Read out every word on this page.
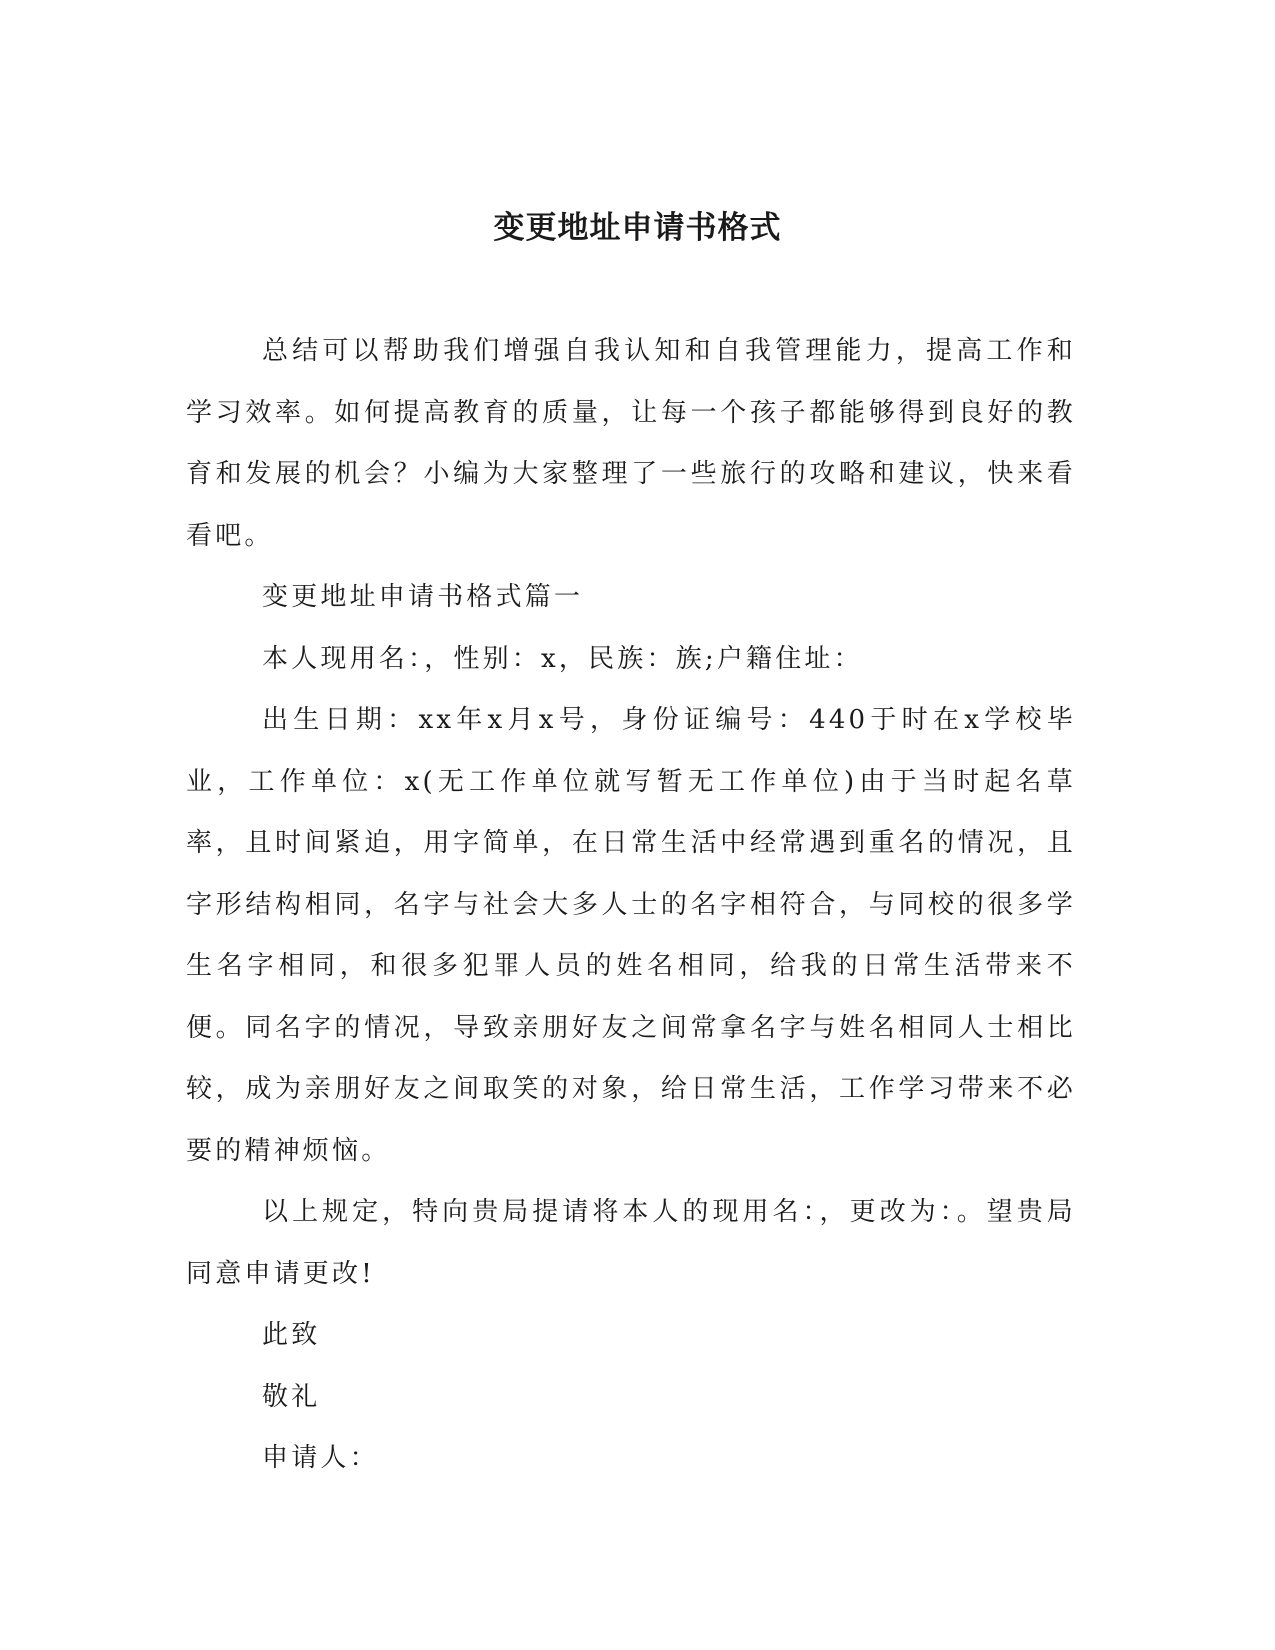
变更地址申请书格式

总结可以帮助我们增强自我认知和自我管理能力，提高工作和学习效率。如何提高教育的质量，让每一个孩子都能够得到良好的教育和发展的机会？小编为大家整理了一些旅行的攻略和建议，快来看看吧。

变更地址申请书格式篇一

本人现用名：，性别：x，民族：族;户籍住址：

出生日期：xx年x月x号，身份证编号：440于时在x学校毕业，工作单位：x(无工作单位就写暂无工作单位)由于当时起名草率，且时间紧迫，用字简单，在日常生活中经常遇到重名的情况，且字形结构相同，名字与社会大多人士的名字相符合，与同校的很多学生名字相同，和很多犯罪人员的姓名相同，给我的日常生活带来不便。同名字的情况，导致亲朋好友之间常拿名字与姓名相同人士相比较，成为亲朋好友之间取笑的对象，给日常生活，工作学习带来不必要的精神烦恼。

以上规定，特向贵局提请将本人的现用名：，更改为：。望贵局同意申请更改!

此致

敬礼

申请人：
